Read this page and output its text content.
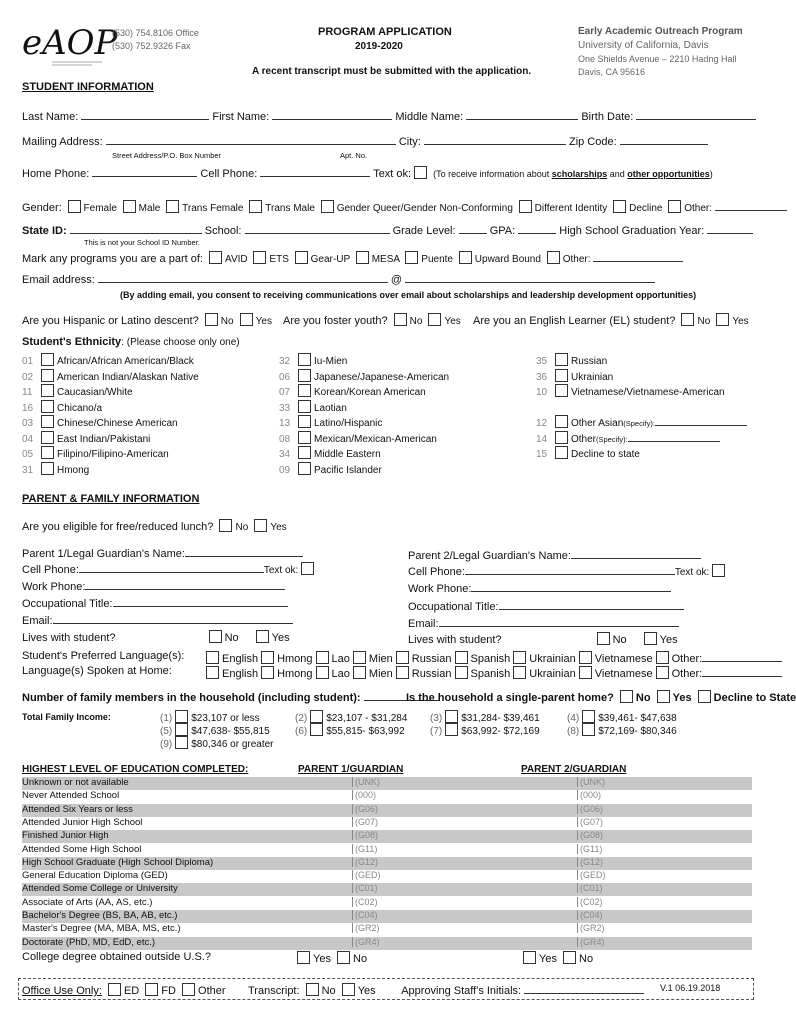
eAOP
(530) 754.8106 Office
(530) 752.9326 Fax
PROGRAM APPLICATION
2019-2020
Early Academic Outreach Program
University of California, Davis
One Shields Avenue – 2210 Hadng Hall
Davis, CA 95616
A recent transcript must be submitted with the application.
STUDENT INFORMATION
Last Name:	First Name:	Middle Name:	Birth Date:
Mailing Address:	City:	Zip Code:
Street Address/P.O. Box Number	Apt. No.
Home Phone:	Cell Phone:	Text ok: (To receive information about scholarships and other opportunities)
Gender: Female Male Trans Female Trans Male Gender Queer/Gender Non-Conforming Different Identity Decline Other:
State ID:	School:	Grade Level:	GPA:	High School Graduation Year:
This is not your School ID Number.
Mark any programs you are a part of: AVID ETS Gear-UP MESA Puente Upward Bound Other:
Email address:	@
(By adding email, you consent to receiving communications over email about scholarships and leadership development opportunities)
Are you Hispanic or Latino descent? No Yes Are you foster youth? No Yes Are you an English Learner (EL) student? No Yes
Student's Ethnicity: (Please choose only one)
01 African/African American/Black
02 American Indian/Alaskan Native
11 Caucasian/White
16 Chicano/a
03 Chinese/Chinese American
04 East Indian/Pakistani
05 Filipino/Filipino-American
31 Hmong
32 Iu-Mien
06 Japanese/Japanese-American
07 Korean/Korean American
33 Laotian
13 Latino/Hispanic
08 Mexican/Mexican-American
34 Middle Eastern
09 Pacific Islander
35 Russian
36 Ukrainian
10 Vietnamese/Vietnamese-American
12 Other Asian(Specify):
14 Other(Specify):
15 Decline to state
PARENT & FAMILY INFORMATION
Are you eligible for free/reduced lunch? No Yes
Parent 1/Legal Guardian's Name:
Cell Phone:	Text ok:
Work Phone:
Occupational Title:
Email:
Lives with student?	No	Yes
Parent 2/Legal Guardian's Name:
Cell Phone:	Text ok:
Work Phone:
Occupational Title:
Email:
Lives with student?	No	Yes
Student's Preferred Language(s):
Language(s) Spoken at Home:
English Hmong Lao Mien Russian Spanish Ukrainian Vietnamese Other:
English Hmong Lao Mien Russian Spanish Ukrainian Vietnamese Other:
Number of family members in the household (including student):	Is the household a single-parent home? No Yes Decline to State
Total Family Income:	(1) $23,107 or less	(2) $23,107 - $31,284 (3) $31,284- $39,461	(4) $39,461- $47,638
(5) $47,638- $55,815	(6) $55,815- $63,992	(7) $63,992- $72,169	(8) $72,169- $80,346
(9) $80,346 or greater
HIGHEST LEVEL OF EDUCATION COMPLETED:	PARENT 1/GUARDIAN	PARENT 2/GUARDIAN
Unknown or not available	(UNK)	(UNK)
Never Attended School	(000)	(000)
Attended Six Years or less	(G06)	(G06)
Attended Junior High School	(G07)	(G07)
Finished Junior High	(G08)	(G08)
Attended Some High School	(G11)	(G11)
High School Graduate (High School Diploma)	(G12)	(G12)
General Education Diploma (GED)	(GED)	(GED)
Attended Some College or University	(C01)	(C01)
Associate of Arts (AA, AS, etc.)	(C02)	(C02)
Bachelor's Degree (BS, BA, AB, etc.)	(C04)	(C04)
Master's Degree (MA, MBA, MS, etc.)	(GR2)	(GR2)
Doctorate (PhD, MD, EdD, etc.)	(GR4)	(GR4)
College degree obtained outside U.S.?	Yes No	Yes No
Office Use Only: ED FD Other Transcript: No Yes Approving Staff's Initials:	V.1 06.19.2018
